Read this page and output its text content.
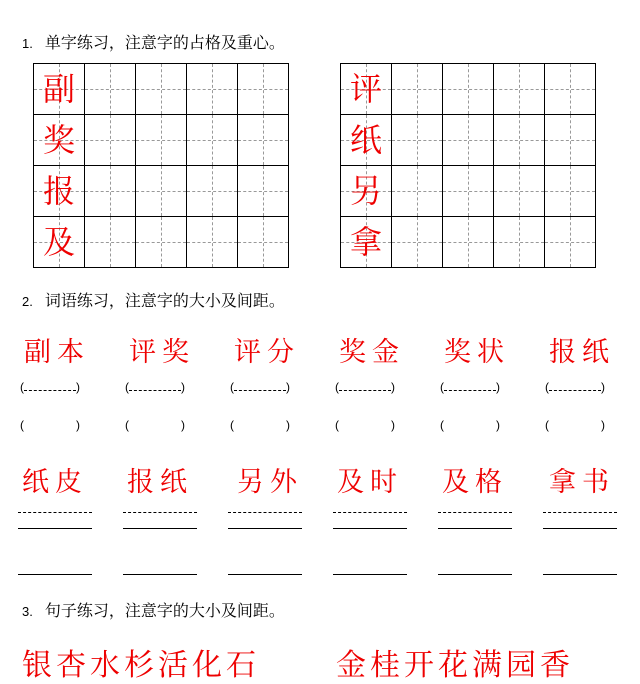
1. 单字练习，注意字的占格及重心。
副				

奖				

报				

及				

评				

纸				

另				

拿				

2. 词语练习，注意字的大小及间距。
副本 评奖 评分 奖金 奖状 报纸
(	)	(	)	(	)	(	)	(	)	(	)
(	)	(	)	(	)	(	)	(	)	(	)
纸皮 报纸 另外 及时 及格 拿书
3. 句子练习，注意字的大小及间距。
银杏水杉活化石	金桂开花满园香
